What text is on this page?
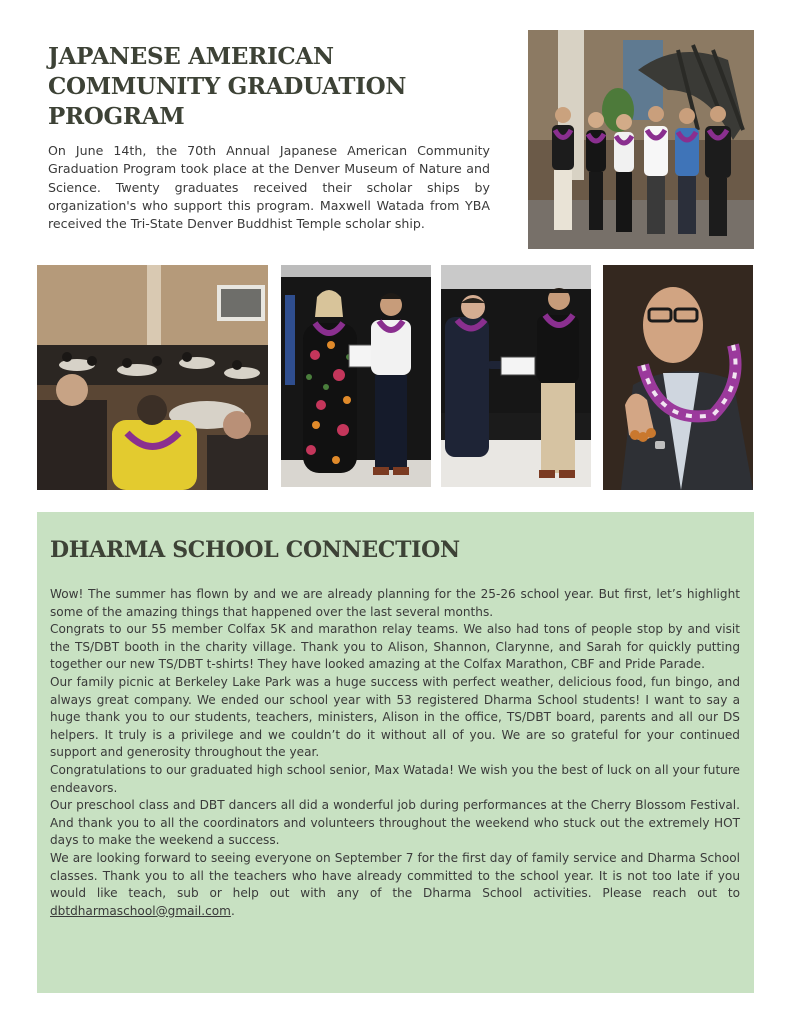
JAPANESE AMERICAN COMMUNITY GRADUATION PROGRAM

On June 14th, the 70th Annual Japanese American Community Graduation Program took place at the Denver Museum of Nature and Science. Twenty graduates received their scholar ships by organization's who support this program. Maxwell Watada from YBA received the Tri-State Denver Buddhist Temple scholar ship.

DHARMA SCHOOL CONNECTION

Wow! The summer has flown by and we are already planning for the 25-26 school year. But first, let’s highlight some of the amazing things that happened over the last several months.

Congrats to our 55 member Colfax 5K and marathon relay teams. We also had tons of people stop by and visit the TS/DBT booth in the charity village. Thank you to Alison, Shannon, Clarynne, and Sarah for quickly putting together our new TS/DBT t-shirts! They have looked amazing at the Colfax Marathon, CBF and Pride Parade.

Our family picnic at Berkeley Lake Park was a huge success with perfect weather, delicious food, fun bingo, and always great company. We ended our school year with 53 registered Dharma School students! I want to say a huge thank you to our students, teachers, ministers, Alison in the office, TS/DBT board, parents and all our DS helpers. It truly is a privilege and we couldn’t do it without all of you. We are so grateful for your continued support and generosity throughout the year.

Congratulations to our graduated high school senior, Max Watada! We wish you the best of luck on all your future endeavors.

Our preschool class and DBT dancers all did a wonderful job during performances at the Cherry Blossom Festival. And thank you to all the coordinators and volunteers throughout the weekend who stuck out the extremely HOT days to make the weekend a success.

We are looking forward to seeing everyone on September 7 for the first day of family service and Dharma School classes. Thank you to all the teachers who have already committed to the school year. It is not too late if you would like teach, sub or help out with any of the Dharma School activities. Please reach out to dbtdharmaschool@gmail.com.
